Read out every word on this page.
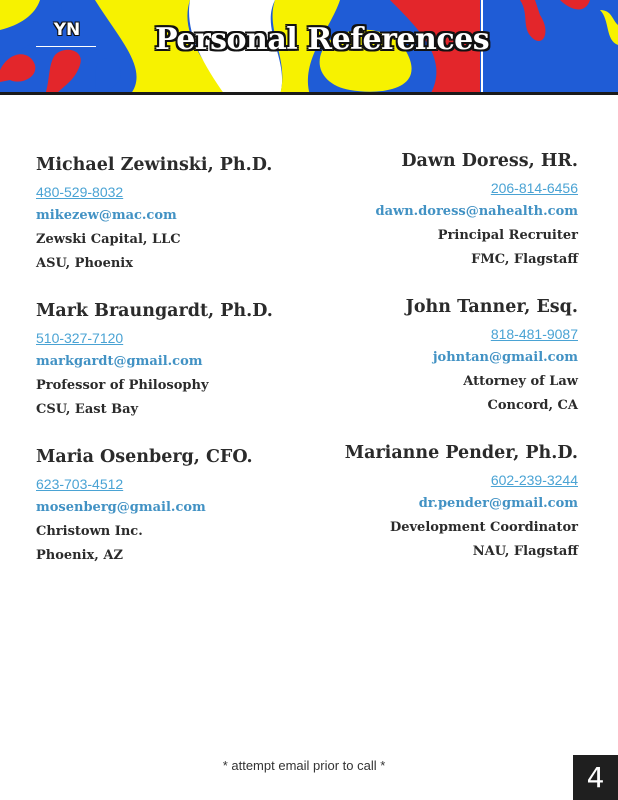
YN	Personal References
Michael Zewinski, Ph.D.
480-529-8032
mikezew@mac.com
Zewski Capital, LLC
ASU, Phoenix
Mark Braungardt, Ph.D.
510-327-7120
markgardt@gmail.com
Professor of Philosophy
CSU, East Bay
Maria Osenberg, CFO.
623-703-4512
mosenberg@gmail.com
Christown Inc.
Phoenix, AZ
Dawn Doress, HR.
206-814-6456
dawn.doress@nahealth.com
Principal Recruiter
FMC, Flagstaff
John Tanner, Esq.
818-481-9087
johntan@gmail.com
Attorney of Law
Concord, CA
Marianne Pender, Ph.D.
602-239-3244
dr.pender@gmail.com
Development Coordinator
NAU, Flagstaff
* attempt email prior to call *	4
